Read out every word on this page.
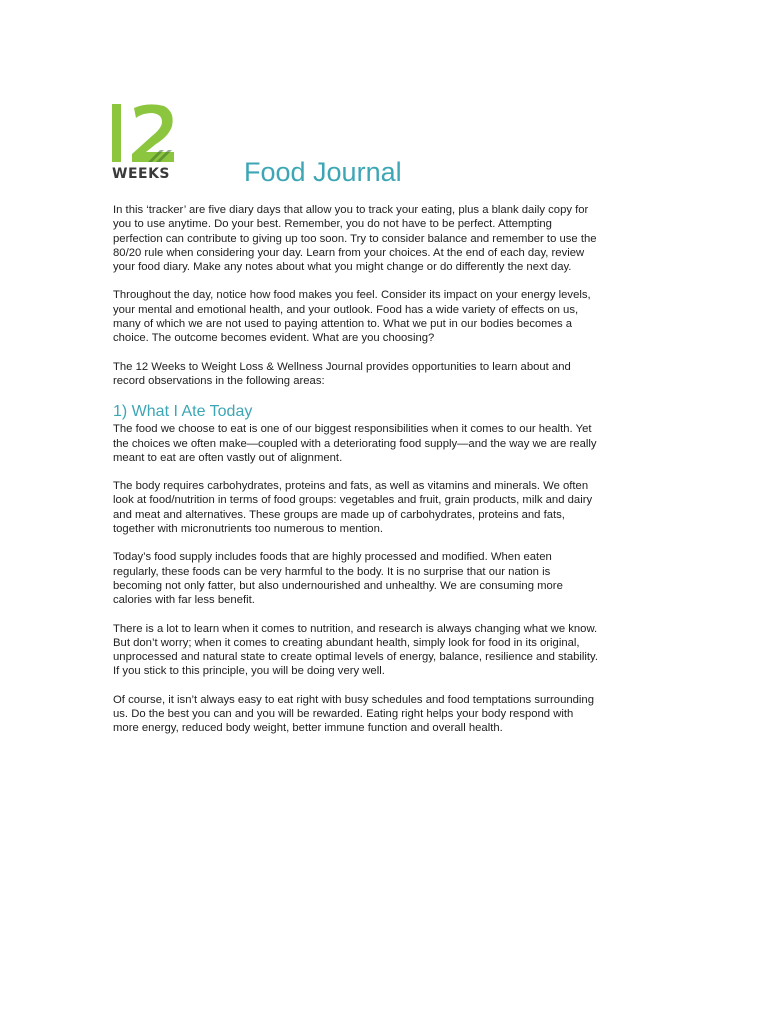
WEEKS	Food Journal

In this ‘tracker’ are five diary days that allow you to track your eating, plus a blank daily copy for you to use anytime. Do your best. Remember, you do not have to be perfect. Attempting perfection can contribute to giving up too soon. Try to consider balance and remember to use the 80/20 rule when considering your day. Learn from your choices. At the end of each day, review your food diary. Make any notes about what you might change or do differently the next day.

Throughout the day, notice how food makes you feel. Consider its impact on your energy levels, your mental and emotional health, and your outlook. Food has a wide variety of effects on us, many of which we are not used to paying attention to. What we put in our bodies becomes a choice. The outcome becomes evident. What are you choosing?

The 12 Weeks to Weight Loss & Wellness Journal provides opportunities to learn about and record observations in the following areas:

1) What I Ate Today

The food we choose to eat is one of our biggest responsibilities when it comes to our health. Yet the choices we often make—coupled with a deteriorating food supply—and the way we are really meant to eat are often vastly out of alignment.

The body requires carbohydrates, proteins and fats, as well as vitamins and minerals. We often look at food/nutrition in terms of food groups: vegetables and fruit, grain products, milk and dairy and meat and alternatives. These groups are made up of carbohydrates, proteins and fats, together with micronutrients too numerous to mention.

Today’s food supply includes foods that are highly processed and modified. When eaten regularly, these foods can be very harmful to the body. It is no surprise that our nation is becoming not only fatter, but also undernourished and unhealthy. We are consuming more calories with far less benefit.

There is a lot to learn when it comes to nutrition, and research is always changing what we know. But don’t worry; when it comes to creating abundant health, simply look for food in its original, unprocessed and natural state to create optimal levels of energy, balance, resilience and stability. If you stick to this principle, you will be doing very well.

Of course, it isn’t always easy to eat right with busy schedules and food temptations surrounding us. Do the best you can and you will be rewarded. Eating right helps your body respond with more energy, reduced body weight, better immune function and overall health.
